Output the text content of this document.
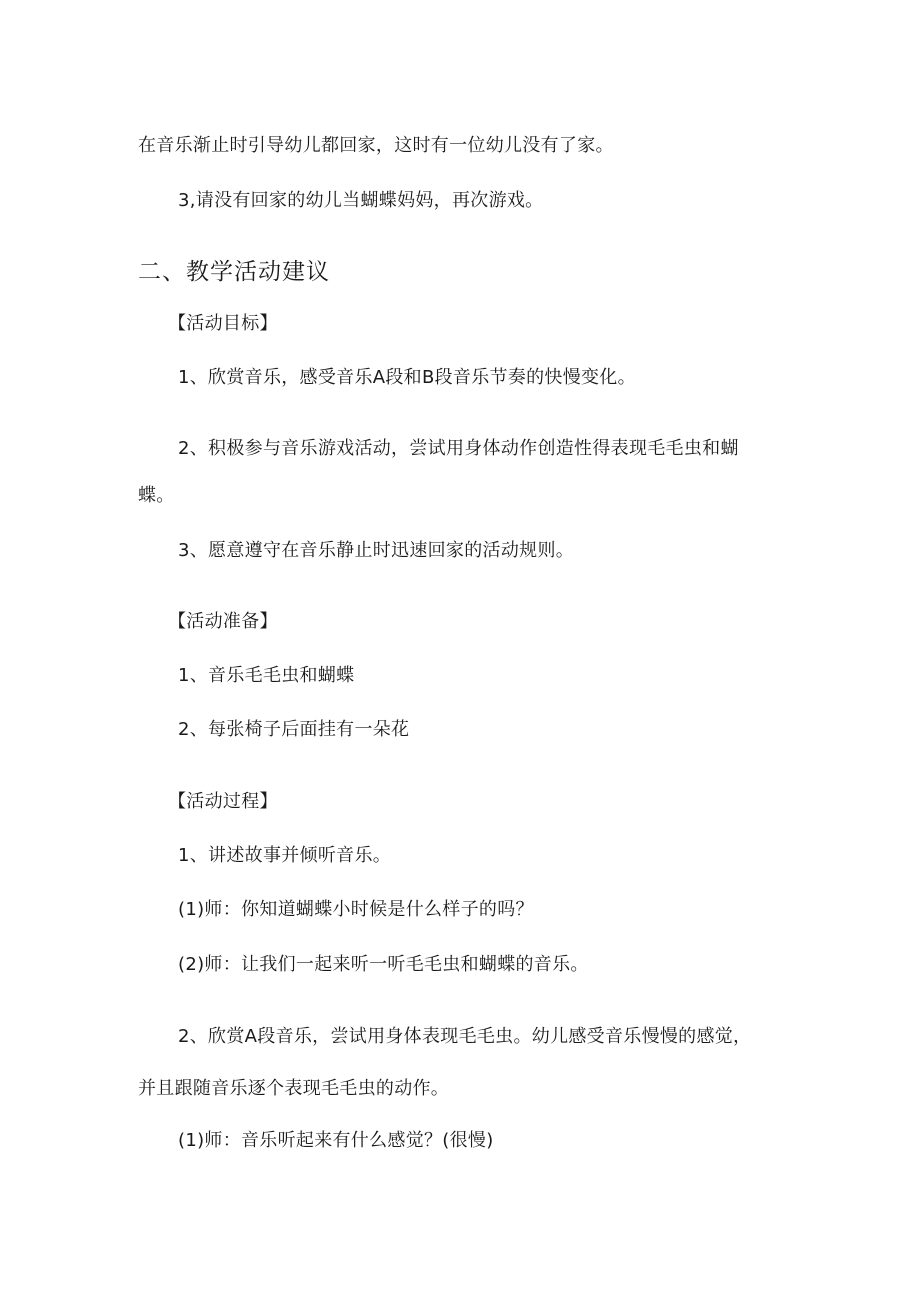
在音乐渐止时引导幼儿都回家，这时有一位幼儿没有了家。
3,请没有回家的幼儿当蝴蝶妈妈，再次游戏。
二、教学活动建议
【活动目标】
1、欣赏音乐，感受音乐A段和B段音乐节奏的快慢变化。
2、积极参与音乐游戏活动，尝试用身体动作创造性得表现毛毛虫和蝴
蝶。
3、愿意遵守在音乐静止时迅速回家的活动规则。
【活动准备】
1、音乐毛毛虫和蝴蝶
2、每张椅子后面挂有一朵花
【活动过程】
1、讲述故事并倾听音乐。
(1)师：你知道蝴蝶小时候是什么样子的吗？
(2)师：让我们一起来听一听毛毛虫和蝴蝶的音乐。
2、欣赏A段音乐，尝试用身体表现毛毛虫。幼儿感受音乐慢慢的感觉，
并且跟随音乐逐个表现毛毛虫的动作。
(1)师：音乐听起来有什么感觉？(很慢)
